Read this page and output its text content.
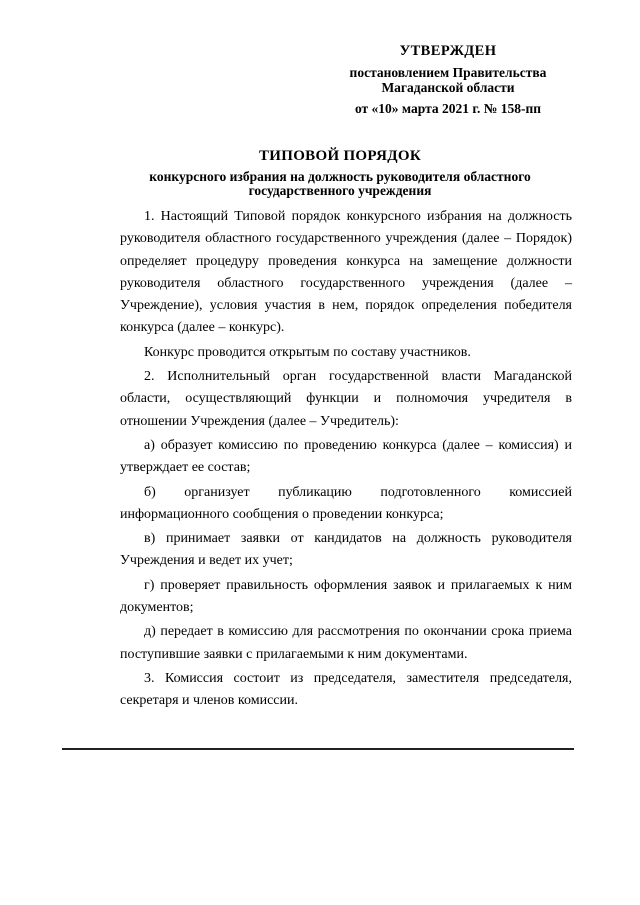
УТВЕРЖДЕН
постановлением Правительства
Магаданской области
от «10» марта 2021 г. № 158-пп
ТИПОВОЙ ПОРЯДОК
конкурсного избрания на должность руководителя областного государственного учреждения

1. Настоящий Типовой порядок конкурсного избрания на должность руководителя областного государственного учреждения (далее – Порядок) определяет процедуру проведения конкурса на замещение должности руководителя областного государственного учреждения (далее – Учреждение), условия участия в нем, порядок определения победителя конкурса (далее – конкурс).

Конкурс проводится открытым по составу участников.

2. Исполнительный орган государственной власти Магаданской области, осуществляющий функции и полномочия учредителя в отношении Учреждения (далее – Учредитель):

а) образует комиссию по проведению конкурса (далее – комиссия) и утверждает ее состав;

б) организует публикацию подготовленного комиссией информационного сообщения о проведении конкурса;

в) принимает заявки от кандидатов на должность руководителя Учреждения и ведет их учет;

г) проверяет правильность оформления заявок и прилагаемых к ним документов;

д) передает в комиссию для рассмотрения по окончании срока приема поступившие заявки с прилагаемыми к ним документами.

3. Комиссия состоит из председателя, заместителя председателя, секретаря и членов комиссии.
